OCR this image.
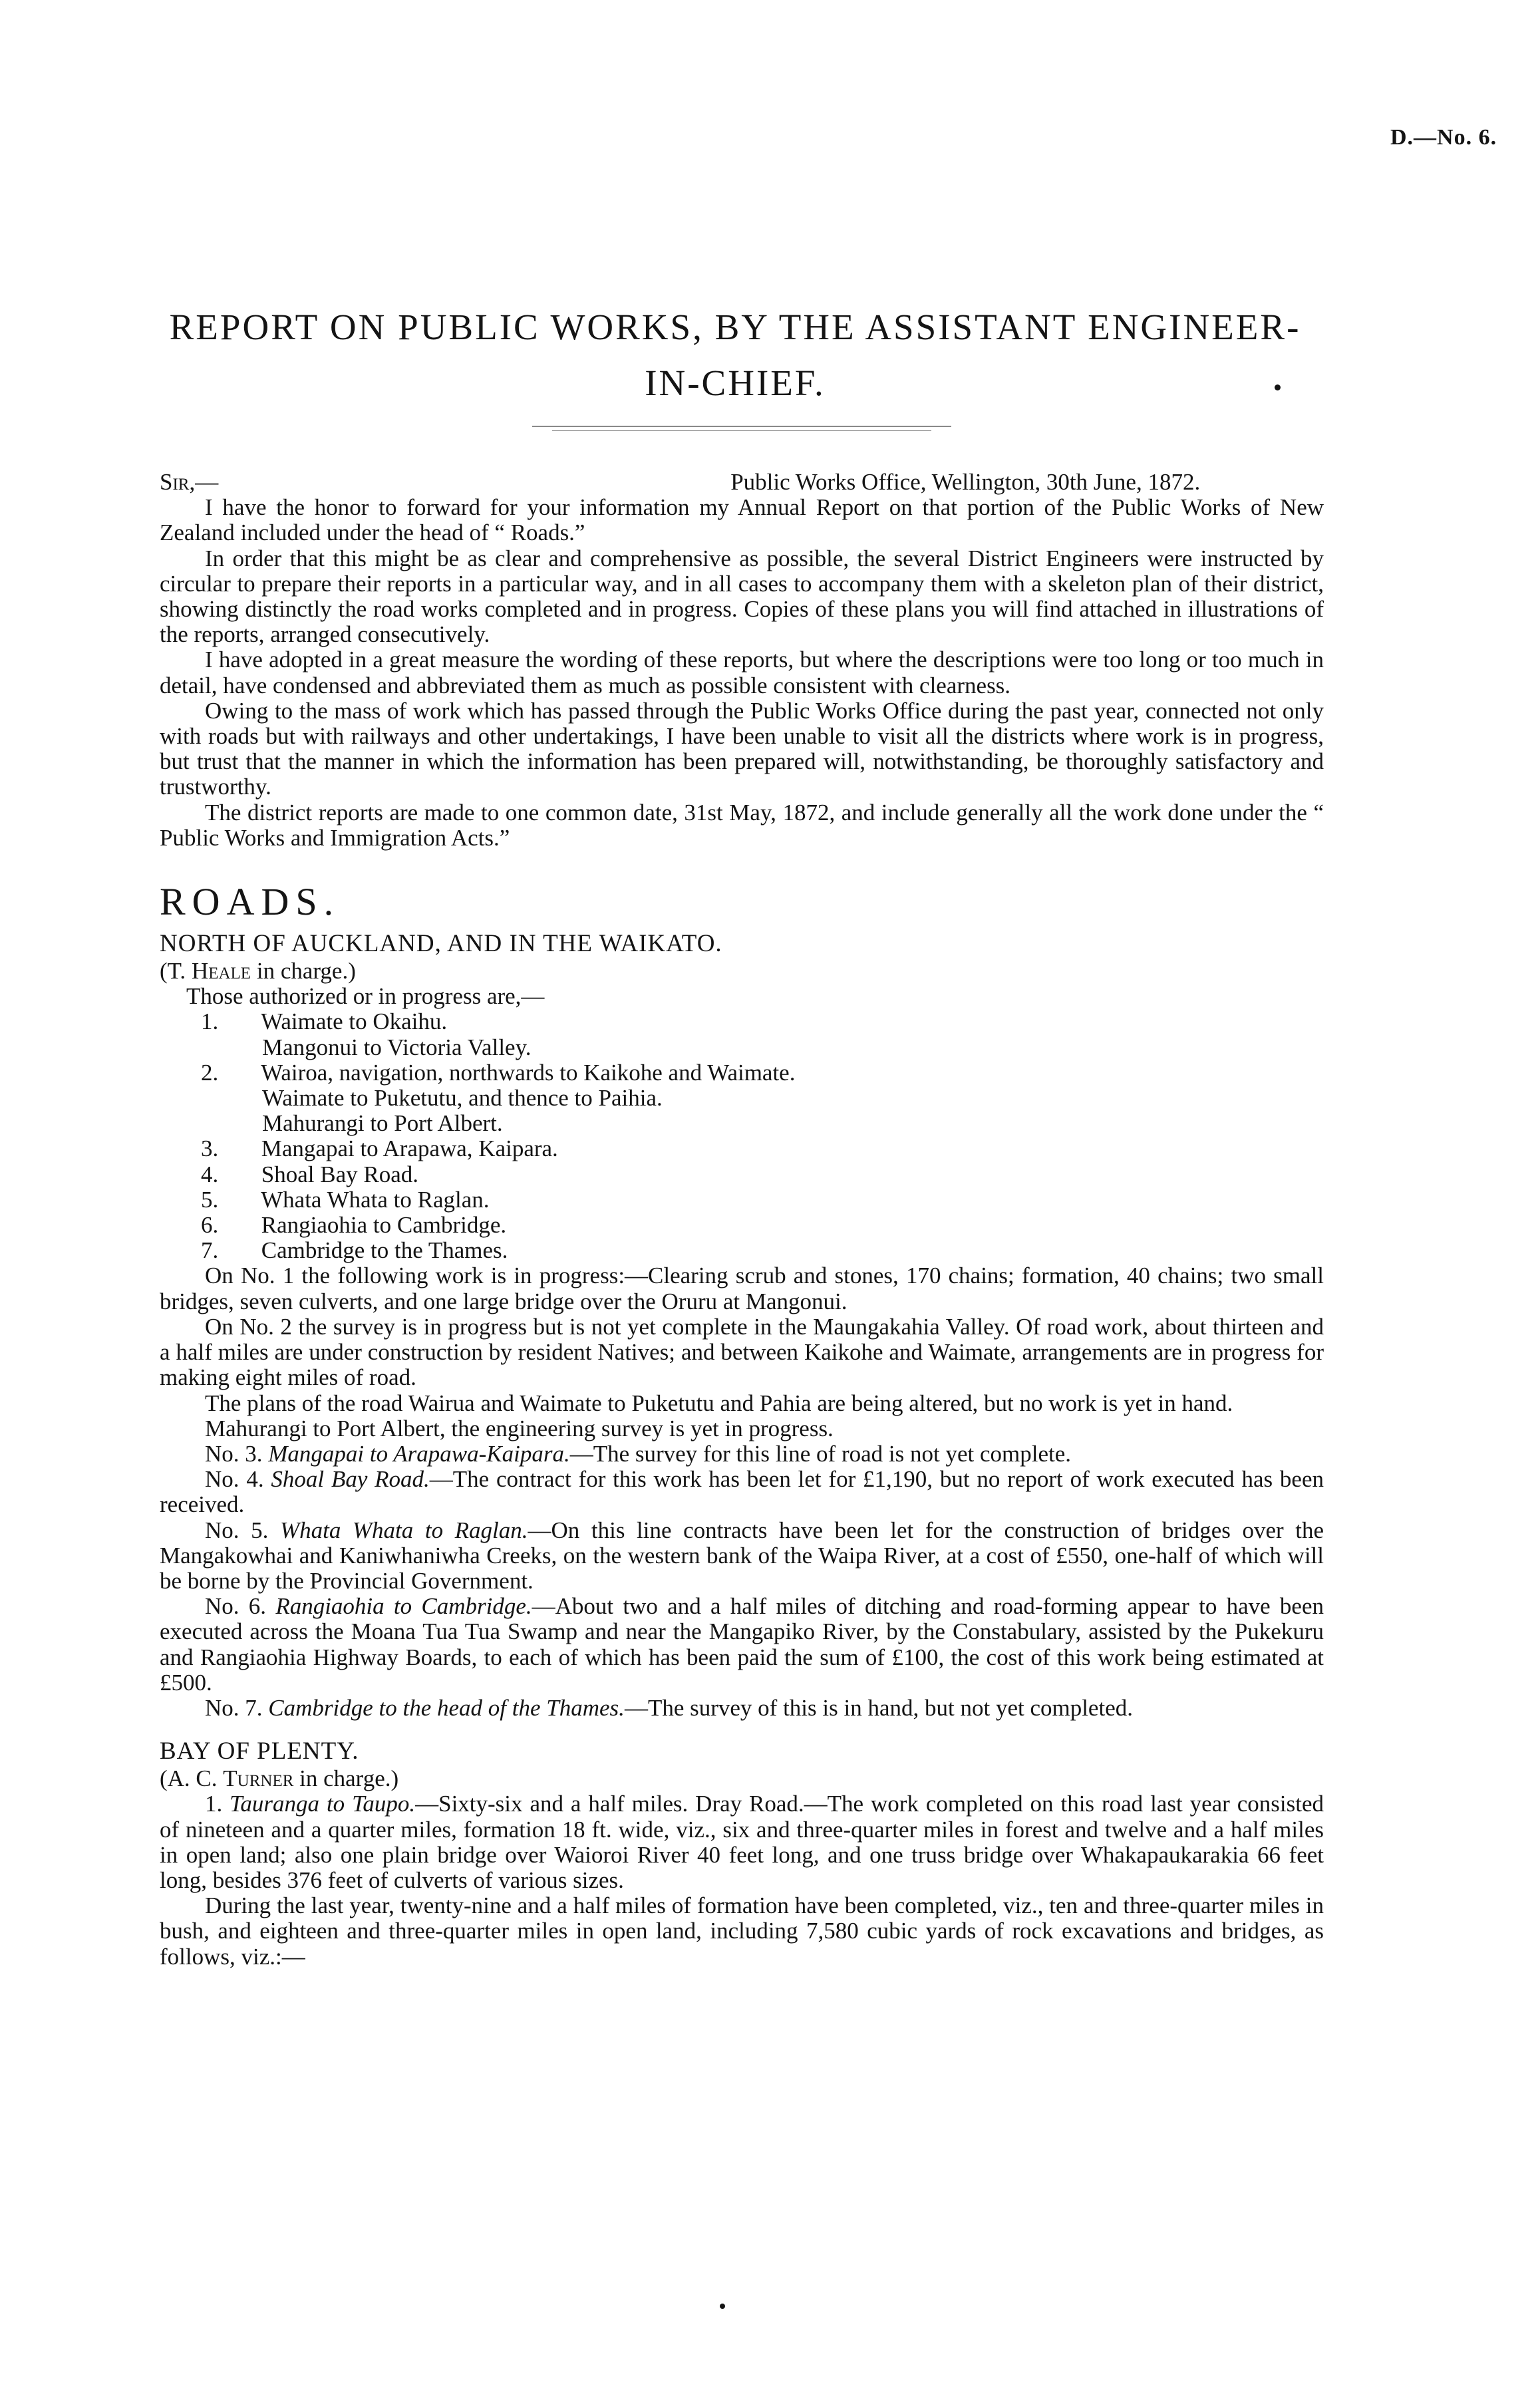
D.—No. 6.
REPORT ON PUBLIC WORKS, BY THE ASSISTANT ENGINEER-IN-CHIEF.

Sir,—	Public Works Office, Wellington, 30th June, 1872.

I have the honor to forward for your information my Annual Report on that portion of the Public Works of New Zealand included under the head of “ Roads.”

In order that this might be as clear and comprehensive as possible, the several District Engineers were instructed by circular to prepare their reports in a particular way, and in all cases to accompany them with a skeleton plan of their district, showing distinctly the road works completed and in progress. Copies of these plans you will find attached in illustrations of the reports, arranged consecutively.

I have adopted in a great measure the wording of these reports, but where the descriptions were too long or too much in detail, have condensed and abbreviated them as much as possible consistent with clearness.

Owing to the mass of work which has passed through the Public Works Office during the past year, connected not only with roads but with railways and other undertakings, I have been unable to visit all the districts where work is in progress, but trust that the manner in which the information has been prepared will, notwithstanding, be thoroughly satisfactory and trustworthy.

The district reports are made to one common date, 31st May, 1872, and include generally all the work done under the “ Public Works and Immigration Acts.”

ROADS.

NORTH OF AUCKLAND, AND IN THE WAIKATO.

(T. Heale in charge.)

Those authorized or in progress are,—

1. Waimate to Okaihu.
Mangonui to Victoria Valley.
2. Wairoa, navigation, northwards to Kaikohe and Waimate.
Waimate to Puketutu, and thence to Paihia.
Mahurangi to Port Albert.
3. Mangapai to Arapawa, Kaipara.
4. Shoal Bay Road.
5. Whata Whata to Raglan.
6. Rangiaohia to Cambridge.
7. Cambridge to the Thames.

On No. 1 the following work is in progress:—Clearing scrub and stones, 170 chains; formation, 40 chains; two small bridges, seven culverts, and one large bridge over the Oruru at Mangonui.

On No. 2 the survey is in progress but is not yet complete in the Maungakahia Valley. Of road work, about thirteen and a half miles are under construction by resident Natives; and between Kaikohe and Waimate, arrangements are in progress for making eight miles of road.

The plans of the road Wairua and Waimate to Puketutu and Pahia are being altered, but no work is yet in hand.

Mahurangi to Port Albert, the engineering survey is yet in progress.

No. 3. Mangapai to Arapawa-Kaipara.—The survey for this line of road is not yet complete.

No. 4. Shoal Bay Road.—The contract for this work has been let for £1,190, but no report of work executed has been received.

No. 5. Whata Whata to Raglan.—On this line contracts have been let for the construction of bridges over the Mangakowhai and Kaniwhaniwha Creeks, on the western bank of the Waipa River, at a cost of £550, one-half of which will be borne by the Provincial Government.

No. 6. Rangiaohia to Cambridge.—About two and a half miles of ditching and road-forming appear to have been executed across the Moana Tua Tua Swamp and near the Mangapiko River, by the Constabulary, assisted by the Pukekuru and Rangiaohia Highway Boards, to each of which has been paid the sum of £100, the cost of this work being estimated at £500.

No. 7. Cambridge to the head of the Thames.—The survey of this is in hand, but not yet completed.

BAY OF PLENTY.

(A. C. Turner in charge.)

1. Tauranga to Taupo.—Sixty-six and a half miles. Dray Road.—The work completed on this road last year consisted of nineteen and a quarter miles, formation 18 ft. wide, viz., six and three-quarter miles in forest and twelve and a half miles in open land; also one plain bridge over Waioroi River 40 feet long, and one truss bridge over Whakapaukarakia 66 feet long, besides 376 feet of culverts of various sizes.

During the last year, twenty-nine and a half miles of formation have been completed, viz., ten and three-quarter miles in bush, and eighteen and three-quarter miles in open land, including 7,580 cubic yards of rock excavations and bridges, as follows, viz.:—
